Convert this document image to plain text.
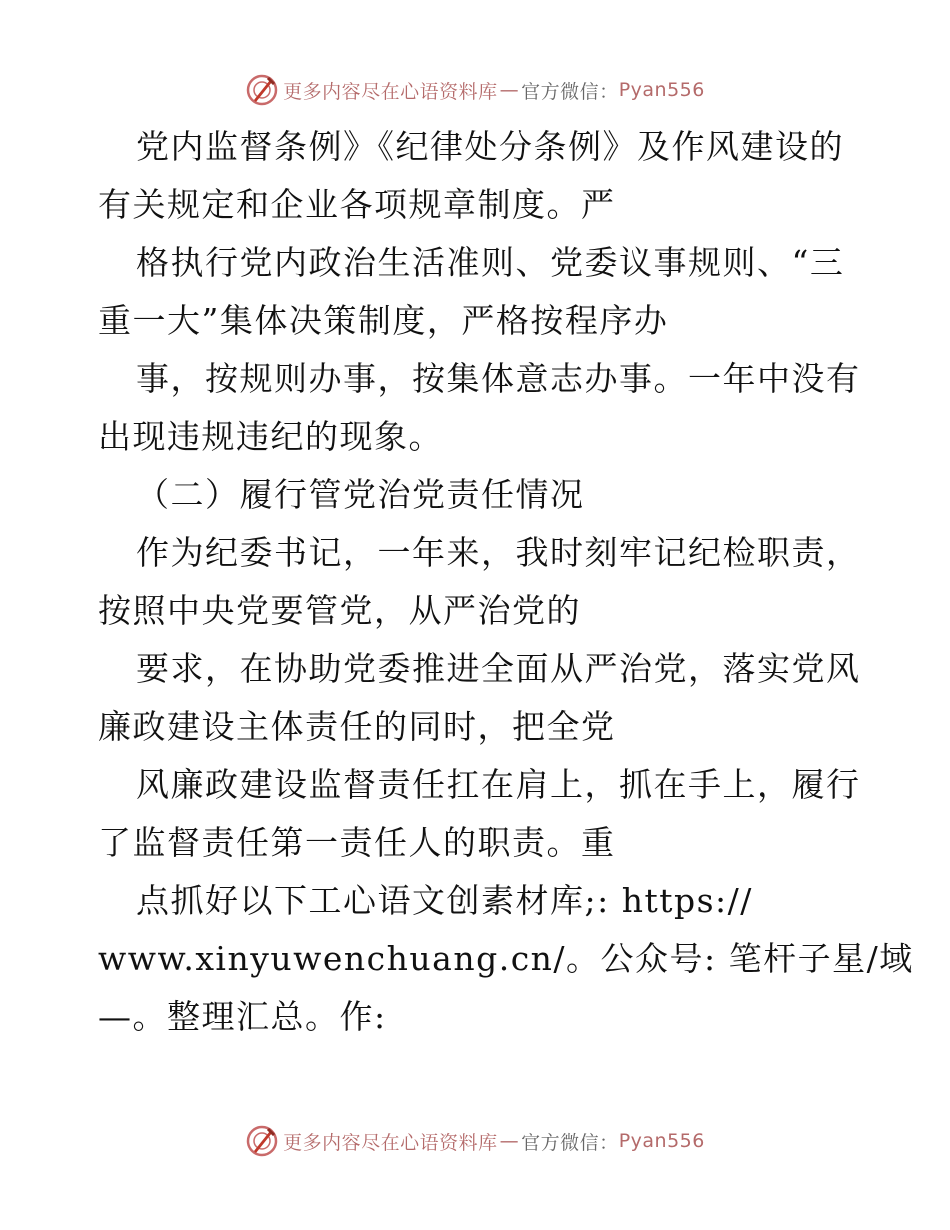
更多内容尽在心语资料库 — 官方微信： Pyan556
党内监督条例》《纪律处分条例》及作风建设的
有关规定和企业各项规章制度。严
格执行党内政治生活准则、党委议事规则、“三
重一大”集体决策制度，严格按程序办
事，按规则办事，按集体意志办事。一年中没有
出现违规违纪的现象。
（二）履行管党治党责任情况
作为纪委书记，一年来，我时刻牢记纪检职责，
按照中央党要管党，从严治党的
要求，在协助党委推进全面从严治党，落实党风
廉政建设主体责任的同时，把全党
风廉政建设监督责任扛在肩上，抓在手上，履行
了监督责任第一责任人的职责。重
点抓好以下工心语文创素材库;: https://
www.xinyuwenchuang.cn/。公众号: 笔杆子星/域
—。整理汇总。作:
更多内容尽在心语资料库 — 官方微信： Pyan556
